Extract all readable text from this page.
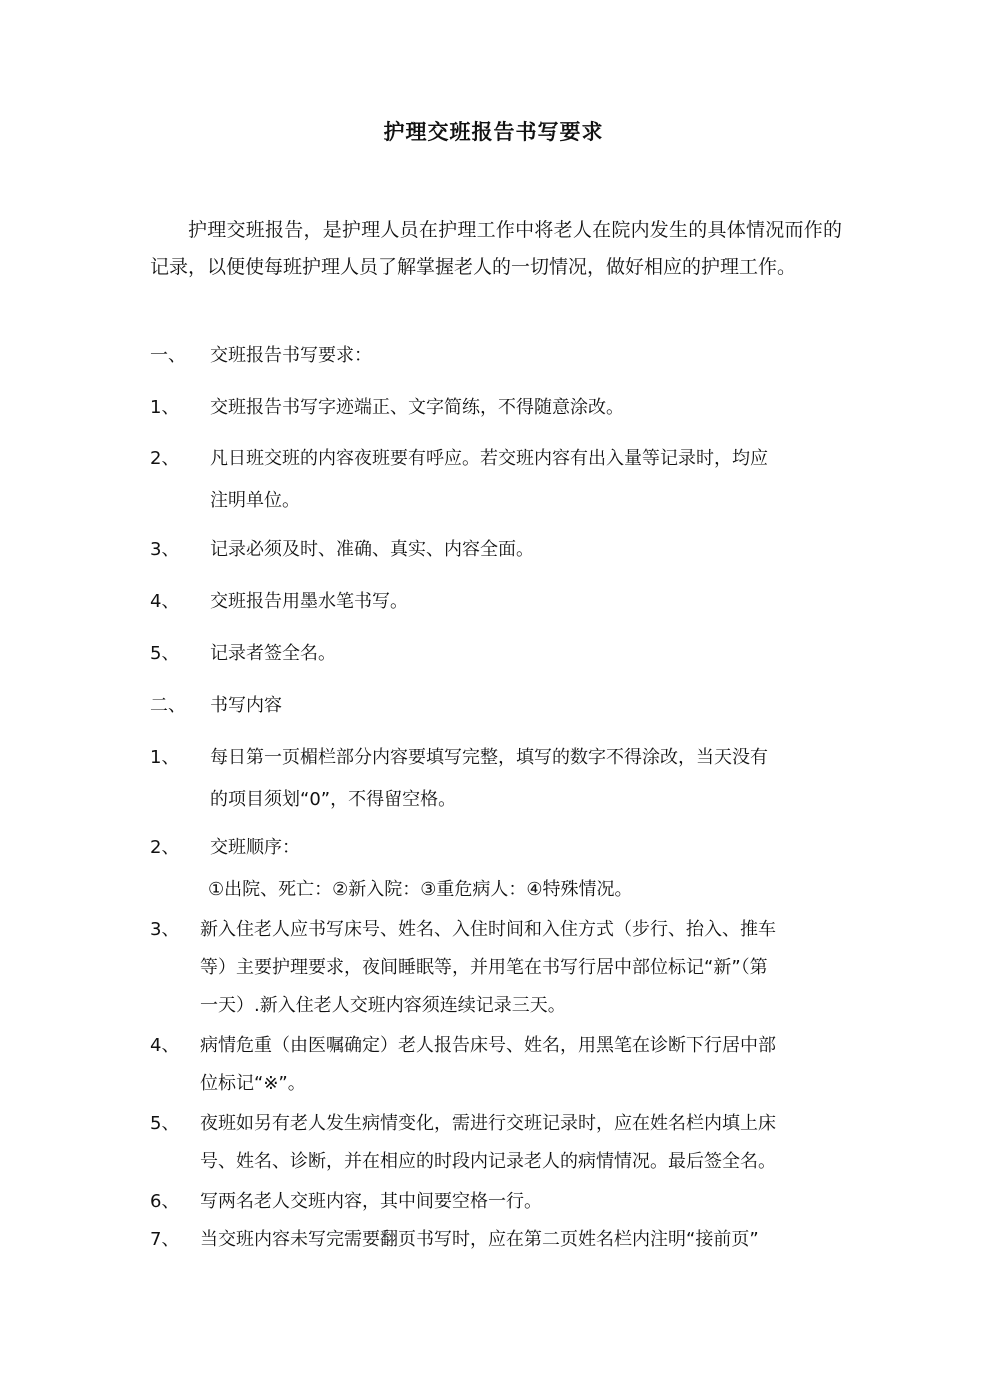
护理交班报告书写要求
护理交班报告，是护理人员在护理工作中将老人在院内发生的具体情况而作的记录，以便使每班护理人员了解掌握老人的一切情况，做好相应的护理工作。
一、 交班报告书写要求：
1、 交班报告书写字迹端正、文字简练，不得随意涂改。
2、 凡日班交班的内容夜班要有呼应。若交班内容有出入量等记录时，均应
注明单位。
3、 记录必须及时、准确、真实、内容全面。
4、 交班报告用墨水笔书写。
5、 记录者签全名。
二、 书写内容
1、 每日第一页楣栏部分内容要填写完整，填写的数字不得涂改，当天没有
的项目须划“0”，不得留空格。
2、 交班顺序：
①出院、死亡：②新入院：③重危病人：④特殊情况。
3、 新入住老人应书写床号、姓名、入住时间和入住方式（步行、抬入、推车
等）主要护理要求，夜间睡眠等，并用笔在书写行居中部位标记“新”（第
一天）.新入住老人交班内容须连续记录三天。
4、 病情危重（由医嘱确定）老人报告床号、姓名，用黑笔在诊断下行居中部
位标记“※”。
5、 夜班如另有老人发生病情变化，需进行交班记录时，应在姓名栏内填上床
号、姓名、诊断，并在相应的时段内记录老人的病情情况。最后签全名。
6、 写两名老人交班内容，其中间要空格一行。
7、 当交班内容未写完需要翻页书写时，应在第二页姓名栏内注明“接前页”
